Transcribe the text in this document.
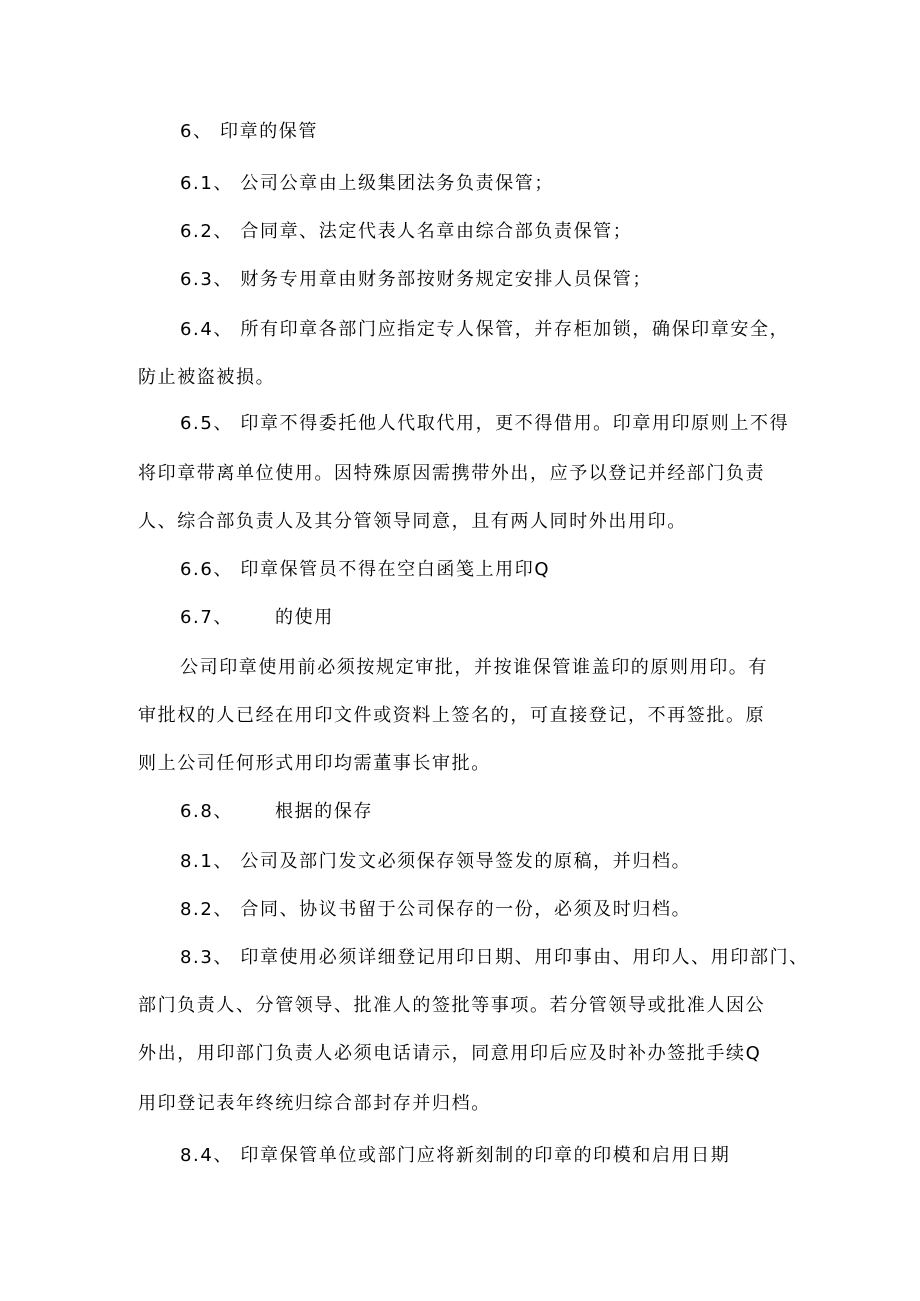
6、 印章的保管
6.1、 公司公章由上级集团法务负责保管；
6.2、 合同章、法定代表人名章由综合部负责保管；
6.3、 财务专用章由财务部按财务规定安排人员保管；
6.4、 所有印章各部门应指定专人保管，并存柜加锁，确保印章安全，
防止被盗被损。
6.5、 印章不得委托他人代取代用，更不得借用。印章用印原则上不得
将印章带离单位使用。因特殊原因需携带外出，应予以登记并经部门负责
人、综合部负责人及其分管领导同意，且有两人同时外出用印。
6.6、 印章保管员不得在空白函笺上用印Q
6.7、 的使用
公司印章使用前必须按规定审批，并按谁保管谁盖印的原则用印。有
审批权的人已经在用印文件或资料上签名的，可直接登记，不再签批。原
则上公司任何形式用印均需董事长审批。
6.8、 根据的保存
8.1、 公司及部门发文必须保存领导签发的原稿，并归档。
8.2、 合同、协议书留于公司保存的一份，必须及时归档。
8.3、 印章使用必须详细登记用印日期、用印事由、用印人、用印部门、
部门负责人、分管领导、批准人的签批等事项。若分管领导或批准人因公
外出，用印部门负责人必须电话请示，同意用印后应及时补办签批手续Q
用印登记表年终统归综合部封存并归档。
8.4、 印章保管单位或部门应将新刻制的印章的印模和启用日期
